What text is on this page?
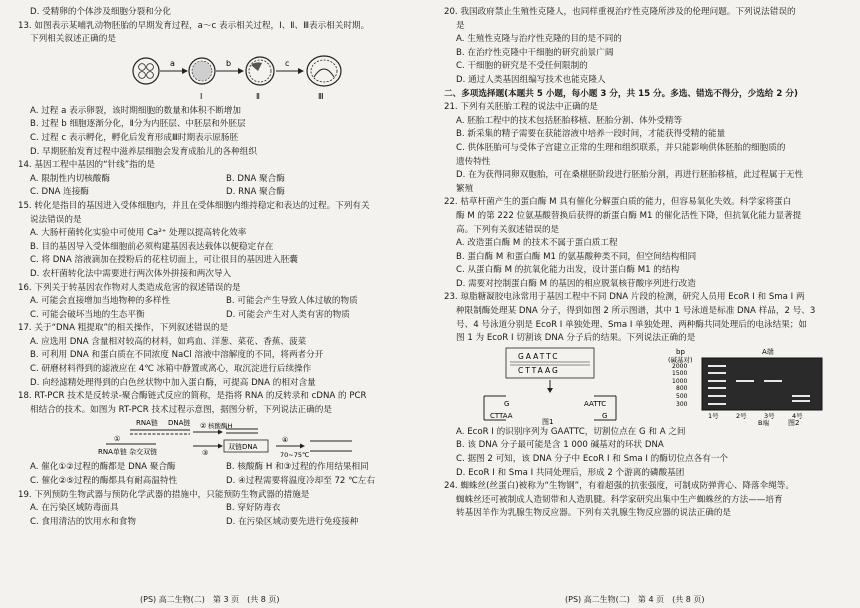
D. 受精卵的个体涉及细胞分裂和分化
13. 如图表示某哺乳动物胚胎的早期发育过程，a～c 表示相关过程，Ⅰ、Ⅱ、Ⅲ表示相关时期。
下列相关叙述正确的是
a	b	c
Ⅰ	Ⅱ	Ⅲ
A. 过程 a 表示卵裂，该时期细胞的数量和体积不断增加
B. 过程 b 细胞逐渐分化，Ⅱ分为内胚层、中胚层和外胚层
C. 过程 c 表示孵化，孵化后发育形成Ⅲ时期表示原肠胚
D. 早期胚胎发育过程中滋养层细胞会发育成胎儿的各种组织
14. 基因工程中基因的“针线”指的是
A. 限制性内切核酸酶	B. DNA 聚合酶
C. DNA 连接酶	D. RNA 聚合酶
15. 转化是指目的基因进入受体细胞内，并且在受体细胞内维持稳定和表达的过程。下列有关
说法错误的是
A. 大肠杆菌转化实验中可使用 Ca²⁺ 处理以提高转化效率
B. 目的基因导入受体细胞前必须构建基因表达载体以便稳定存在
C. 将 DNA 溶液滴加在授粉后的花柱切面上，可让很目的基因进入胚囊
D. 农杆菌转化法中需要进行两次体外拼接和两次导入
16. 下列关于转基因农作物对人类造成危害的叙述错误的是
A. 可能会直接增加当地物种的多样性	B. 可能会产生导致人体过敏的物质
C. 可能会破坏当地的生态平衡	D. 可能会产生对人类有害的物质
17. 关于“DNA 粗提取”的相关操作，下列叙述错误的是
A. 应选用 DNA 含量相对较高的材料，如鸡血、洋葱、菜花、香蕉、菠菜
B. 可利用 DNA 和蛋白质在不同浓度 NaCl 溶液中溶解度的不同，将两者分开
C. 研磨材料得到的滤液应在 4℃ 冰箱中静置或离心，取沉淀进行后续操作
D. 向经滤精处理得到的白色丝状物中加入蛋白酶，可提高 DNA 的相对含量
18. RT-PCR 技术是反转录-聚合酶链式反应的简称，是指将 RNA 的反转录和 cDNA 的 PCR
相结合的技术。如图为 RT-PCR 技术过程示意图，据图分析，下列说法正确的是
RNA链 DNA链
RNA单链 杂交双链
①
② 核酸酶H
③
双链DNA
④
70~75℃
A. 催化①②过程的酶都是 DNA 聚合酶	B. 核酸酶 H 和③过程的作用结果相同
C. 催化②⑤过程的酶都具有耐高温特性	D. ④过程需要将温度冷却至 72 ℃左右
19. 下列预防生物武器与预防化学武器的措施中，只能预防生物武器的措施是
A. 在污染区域防毒面具	B. 穿好防毒衣
C. 食用清洁的饮用水和食物	D. 在污染区域动要先进行免疫接种
20. 我国政府禁止生殖性克隆人，也同样重视治疗性克隆所涉及的伦理问题。下列说法错误的
是
A. 生殖性克隆与治疗性克隆的目的是不同的
B. 在治疗性克隆中干细胞的研究前景广阔
C. 干细胞的研究是不受任何限制的
D. 通过人类基因组编写技术也能克隆人
二、多项选择题(本题共 5 小题，每小题 3 分，共 15 分。多选、错选不得分，少选给 2 分)
21. 下列有关胚胎工程的说法中正确的是
A. 胚胎工程中的技术包括胚胎移植、胚胎分割、体外受精等
B. 新采集的精子需要在获能溶液中培养一段时间，才能获得受精的能量
C. 供体胚胎可与受体子宫建立正常的生理和组织联系，并只能影响供体胚胎的细胞质的
遗传特性
D. 在为获得同卵双胞胎，可在桑椹胚阶段进行胚胎分割，再进行胚胎移植，此过程属于无性
繁殖
22. 枯草杆菌产生的蛋白酶 M 具有催化分解蛋白质的能力，但容易氧化失效。科学家将蛋白
酶 M 的第 222 位氨基酸替换后获得的新蛋白酶 M1 的催化活性下降，但抗氧化能力显著提
高。下列有关叙述错误的是
A. 改造蛋白酶 M 的技术不属于蛋白质工程
B. 蛋白酶 M 和蛋白酶 M1 的氨基酸种类不同，但空间结构相同
C. 从蛋白酶 M 的抗氧化能力出发，设计蛋白酶 M1 的结构
D. 需要对控制蛋白酶 M 的基因的相应脱氧核苷酸序列进行改造
23. 琼脂糖凝胶电泳常用于基因工程中不同 DNA 片段的检测，研究人员用 EcoR Ⅰ 和 Sma Ⅰ 两
种限制酶处理某 DNA 分子，得到如图 2 所示图谱，其中 1 号泳道是标准 DNA 样品，2 号、3
号、4 号泳道分别是 EcoR Ⅰ 单独处理、Sma Ⅰ 单独处理、两种酶共同处理后的电泳结果；如
图 1 为 EcoR Ⅰ 切割该 DNA 分子后的结果。下列说法正确的是
GAATTC
CTTAAG
G
CTTAA
AATTC
G
图1
bp
(碱基对)
A端
2000
1500
1000
800
500
300
1号	2号	3号	4号
B端	图2
A. EcoR Ⅰ 的识别序列为 GAATTC，切割位点在 G 和 A 之间
B. 该 DNA 分子最可能是含 1 000 碱基对的环状 DNA
C. 据图 2 可知，该 DNA 分子中 EcoR Ⅰ 和 Sma Ⅰ 的酶切位点各有一个
D. EcoR Ⅰ 和 Sma Ⅰ 共同处理后，形成 2 个游离的磷酸基团
24. 蜘蛛丝(丝蛋白)被称为“生物钢”，有着超强的抗张强度，可制成防弹背心、降落伞绳等。
蜘蛛丝还可被制成人造韧带和人造肌腱。科学家研究出集中生产蜘蛛丝的方法——培育
转基因羊作为乳腺生物反应器。下列有关乳腺生物反应器的说法正确的是
(PS) 高二生物(二)　第 3 页　(共 8 页)	(PS) 高二生物(二)　第 4 页　(共 8 页)
